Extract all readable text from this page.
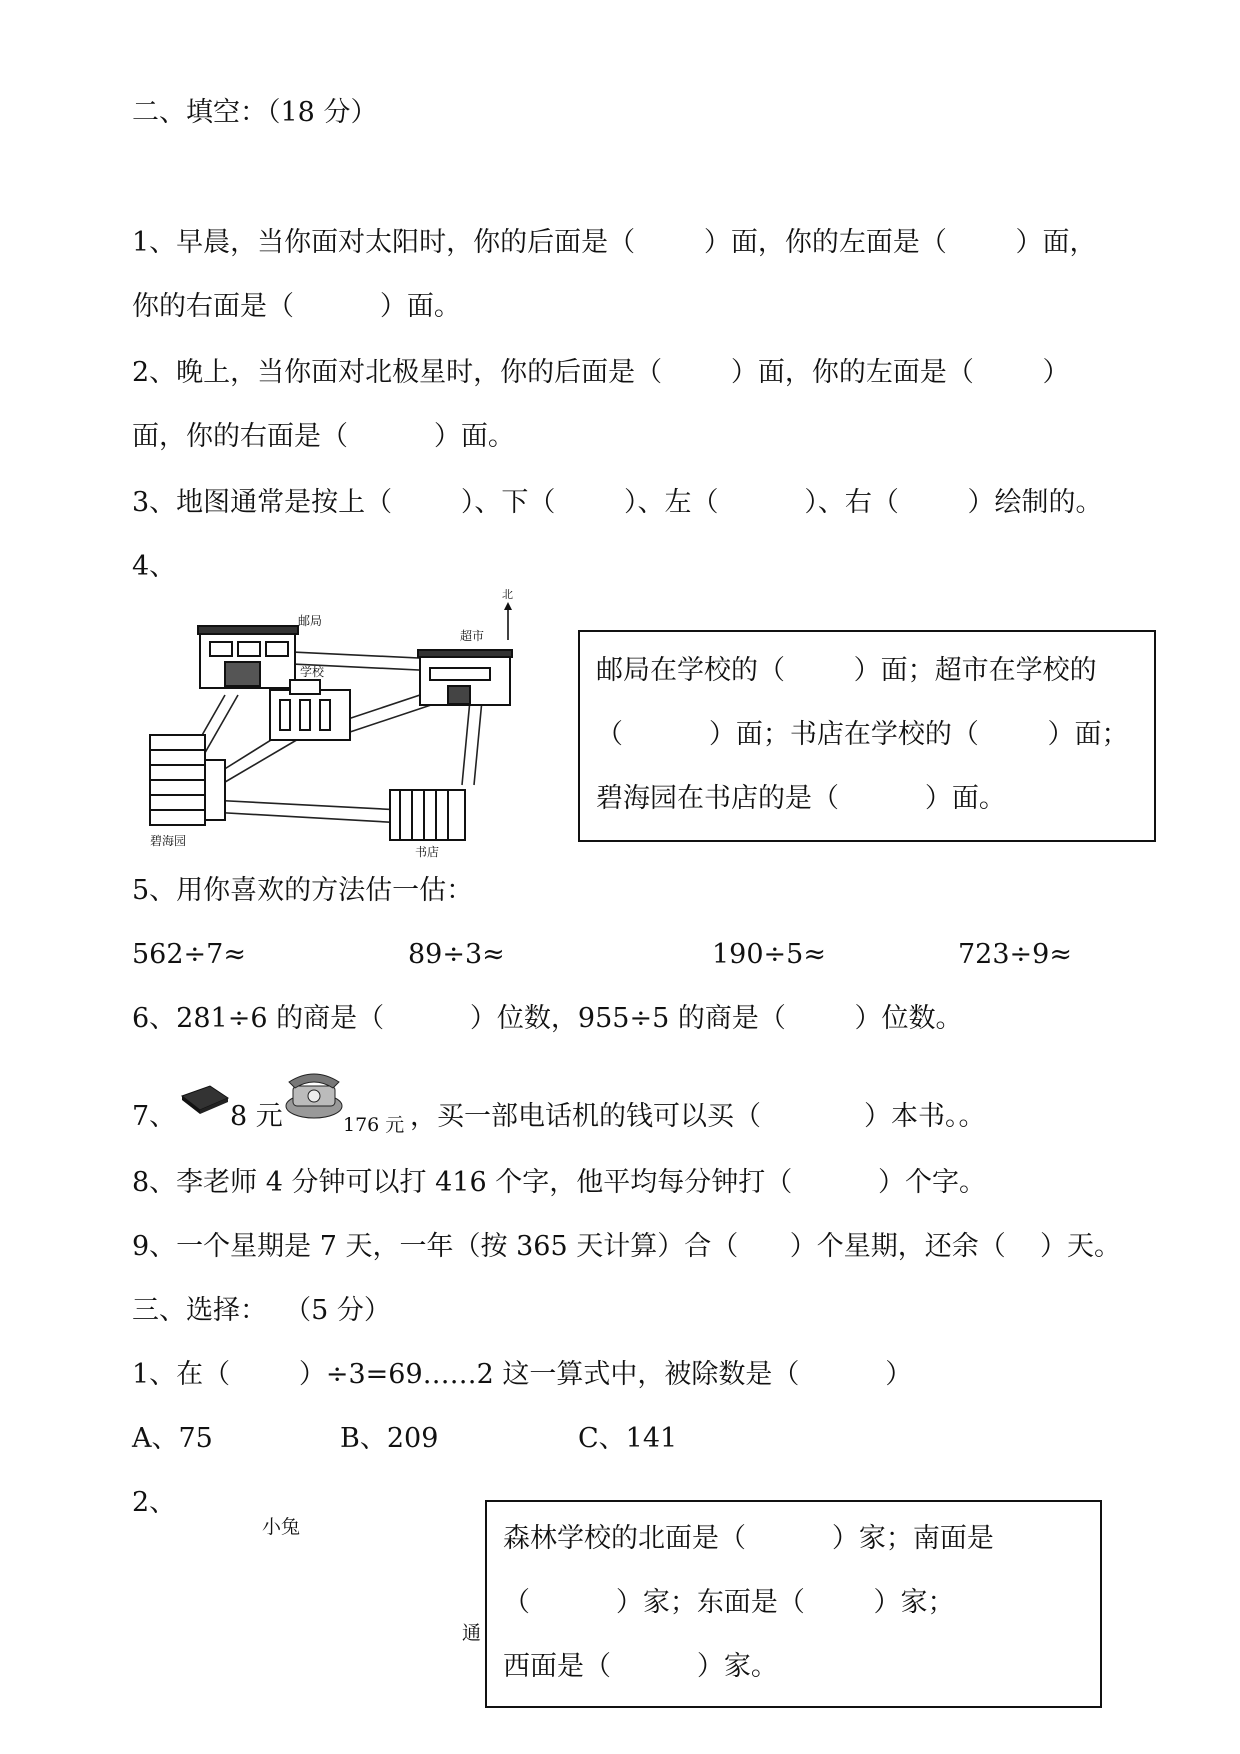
二、填空：（18 分）
1、早晨，当你面对太阳时，你的后面是（        ）面，你的左面是（        ）面，
你的右面是（          ）面。
2、晚上，当你面对北极星时，你的后面是（        ）面，你的左面是（        ）
面，你的右面是（          ）面。
3、地图通常是按上（        ）、下（        ）、左（          ）、右（        ）绘制的。
4、
邮局
超市
北
学校
碧海园
书店
邮局在学校的（        ）面；超市在学校的
（          ）面；书店在学校的（        ）面；
碧海园在书店的是（          ）面。
5、用你喜欢的方法估一估：
562÷7≈	89÷3≈	190÷5≈	723÷9≈
6、281÷6 的商是（          ）位数，955÷5 的商是（        ）位数。
7、 8 元	176 元 ，买一部电话机的钱可以买（            ）本书。。
8、李老师 4 分钟可以打 416 个字，他平均每分钟打（          ）个字。
9、一个星期是 7 天，一年（按 365 天计算）合（      ）个星期，还余（    ）天。
三、选择：  （5 分）
1、在（        ）÷3=69……2 这一算式中，被除数是（          ）
A、75	B、209	C、141
2、
小兔
通
森林学校的北面是（          ）家；南面是
（          ）家；东面是（        ）家；
西面是（          ）家。
